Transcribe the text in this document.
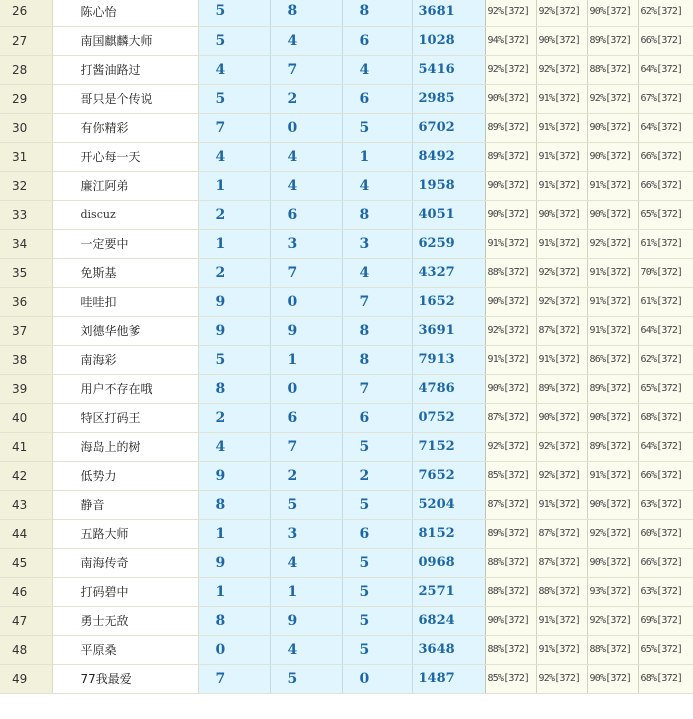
26	陈心怡	5	8	8	3681	92%[372]	92%[372]	90%[372]	62%[372]
27	南国麒麟大师	5	4	6	1028	94%[372]	90%[372]	89%[372]	66%[372]
28	打酱油路过	4	7	4	5416	92%[372]	92%[372]	88%[372]	64%[372]
29	哥只是个传说	5	2	6	2985	90%[372]	91%[372]	92%[372]	67%[372]
30	有你精彩	7	0	5	6702	89%[372]	91%[372]	90%[372]	64%[372]
31	开心每一天	4	4	1	8492	89%[372]	91%[372]	90%[372]	66%[372]
32	廉江阿弟	1	4	4	1958	90%[372]	91%[372]	91%[372]	66%[372]
33	discuz	2	6	8	4051	90%[372]	90%[372]	90%[372]	65%[372]
34	一定要中	1	3	3	6259	91%[372]	91%[372]	92%[372]	61%[372]
35	免斯基	2	7	4	4327	88%[372]	92%[372]	91%[372]	70%[372]
36	哇哇扣	9	0	7	1652	90%[372]	92%[372]	91%[372]	61%[372]
37	刘德华他爹	9	9	8	3691	92%[372]	87%[372]	91%[372]	64%[372]
38	南海彩	5	1	8	7913	91%[372]	91%[372]	86%[372]	62%[372]
39	用户不存在哦	8	0	7	4786	90%[372]	89%[372]	89%[372]	65%[372]
40	特区打码王	2	6	6	0752	87%[372]	90%[372]	90%[372]	68%[372]
41	海岛上的树	4	7	5	7152	92%[372]	92%[372]	89%[372]	64%[372]
42	低势力	9	2	2	7652	85%[372]	92%[372]	91%[372]	66%[372]
43	静音	8	5	5	5204	87%[372]	91%[372]	90%[372]	63%[372]
44	五路大师	1	3	6	8152	89%[372]	87%[372]	92%[372]	60%[372]
45	南海传奇	9	4	5	0968	88%[372]	87%[372]	90%[372]	66%[372]
46	打码碧中	1	1	5	2571	88%[372]	88%[372]	93%[372]	63%[372]
47	勇士无敌	8	9	5	6824	90%[372]	91%[372]	92%[372]	69%[372]
48	平原桑	0	4	5	3648	88%[372]	91%[372]	88%[372]	65%[372]
49	77我最爱	7	5	0	1487	85%[372]	92%[372]	90%[372]	68%[372]
